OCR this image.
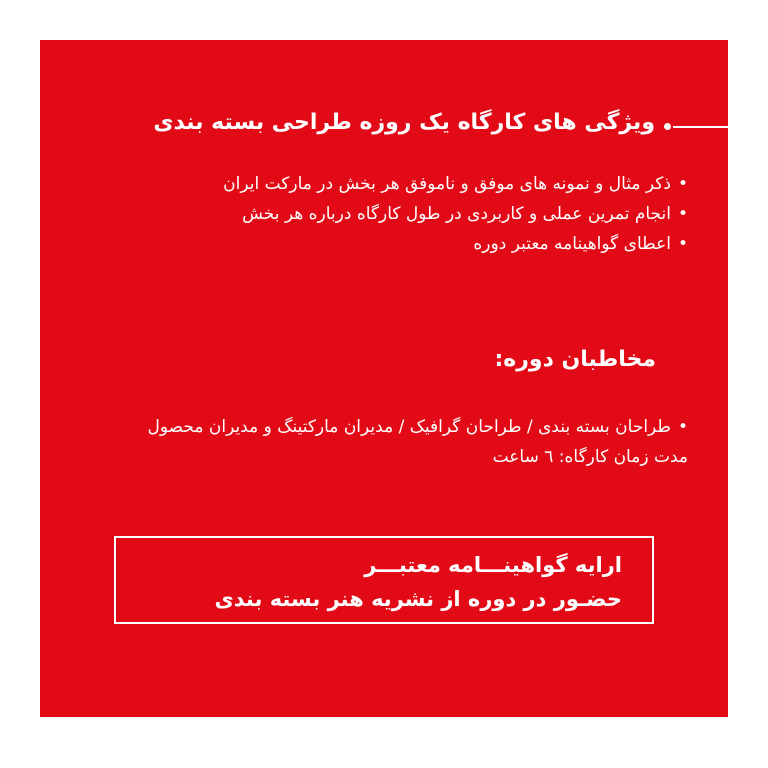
ویژگی های کارگاه یک روزه طراحی بسته بندی
• ذکر مثال و نمونه های موفق و ناموفق هر بخش در مارکت ایران
• انجام تمرین عملی و کاربردی در طول کارگاه درباره هر بخش
• اعطای گواهینامه معتبر دوره
مخاطبان دوره:
• طراحان بسته بندی / طراحان گرافیک / مدیران مارکتینگ و مدیران محصول
مدت زمان کارگاه: ٦ ساعت
ارایه گواهینـــامه معتبـــر
حضـور در دوره از نشریه هنر بسته بندی
